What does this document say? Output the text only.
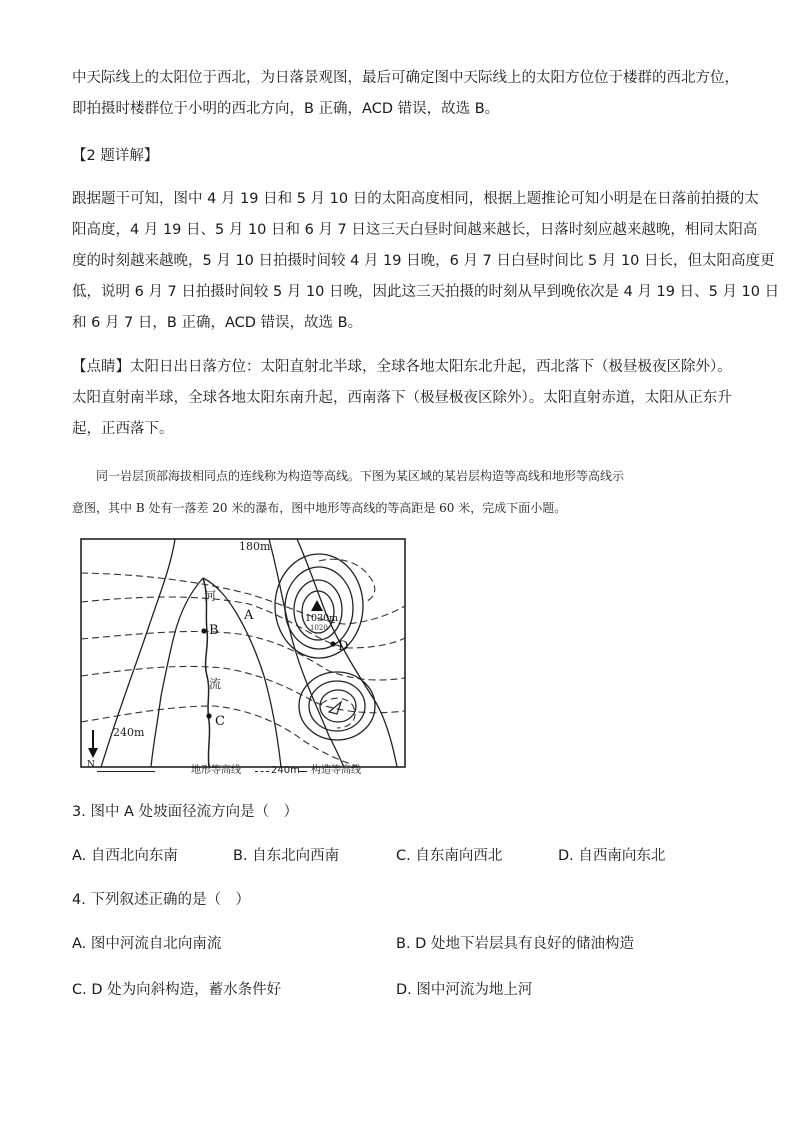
中天际线上的太阳位于西北，为日落景观图，最后可确定图中天际线上的太阳方位位于楼群的西北方位，

即拍摄时楼群位于小明的西北方向，B 正确，ACD 错误，故选 B。

【2 题详解】

跟据题干可知，图中 4 月 19 日和 5 月 10 日的太阳高度相同，根据上题推论可知小明是在日落前拍摄的太

阳高度，4 月 19 日、5 月 10 日和 6 月 7 日这三天白昼时间越来越长，日落时刻应越来越晚，相同太阳高

度的时刻越来越晚，5 月 10 日拍摄时间较 4 月 19 日晚，6 月 7 日白昼时间比 5 月 10 日长，但太阳高度更

低，说明 6 月 7 日拍摄时间较 5 月 10 日晚，因此这三天拍摄的时刻从早到晚依次是 4 月 19 日、5 月 10 日

和 6 月 7 日，B 正确，ACD 错误，故选 B。

【点睛】太阳日出日落方位：太阳直射北半球，全球各地太阳东北升起，西北落下（极昼极夜区除外）。

太阳直射南半球，全球各地太阳东南升起，西南落下（极昼极夜区除外）。太阳直射赤道，太阳从正东升

起，正西落下。

同一岩层顶部海拔相同点的连线称为构造等高线。下图为某区域的某岩层构造等高线和地形等高线示

意图，其中 B 处有一落差 20 米的瀑布，图中地形等高线的等高距是 60 米，完成下面小题。

180m
240m
A
B
C
D
河
流
1030m
1020
N	地形等高线	240m 构造等高线
3. 图中 A 处坡面径流方向是（　）
A. 自西北向东南	B. 自东北向西南	C. 自东南向西北	D. 自西南向东北
4. 下列叙述正确的是（　）
A. 图中河流自北向南流	B. D 处地下岩层具有良好的储油构造
C. D 处为向斜构造，蓄水条件好	D. 图中河流为地上河
